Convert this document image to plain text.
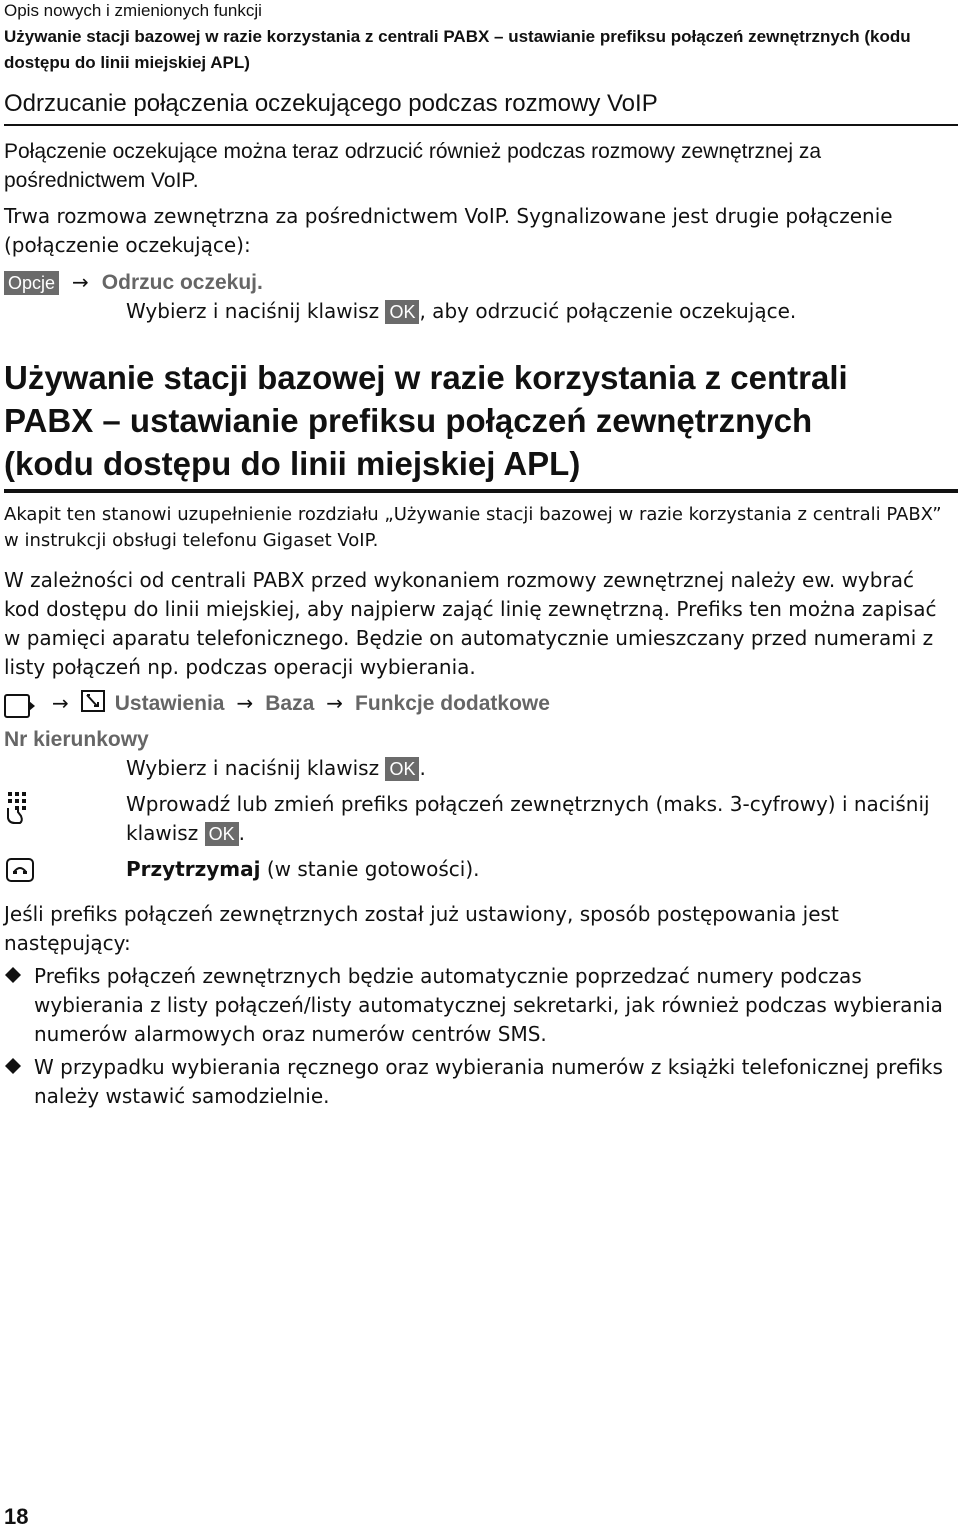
Opis nowych i zmienionych funkcji
Używanie stacji bazowej w razie korzystania z centrali PABX – ustawianie prefiksu połączeń zewnętrznych (kodu dostępu do linii miejskiej APL)
Odrzucanie połączenia oczekującego podczas rozmowy VoIP
Połączenie oczekujące można teraz odrzucić również podczas rozmowy zewnętrznej za pośrednictwem VoIP.
Trwa rozmowa zewnętrzna za pośrednictwem VoIP. Sygnalizowane jest drugie połączenie (połączenie oczekujące):
Opcje → Odrzuc oczekuj.
Wybierz i naciśnij klawisz OK , aby odrzucić połączenie oczekujące.
Używanie stacji bazowej w razie korzystania z centrali PABX – ustawianie prefiksu połączeń zewnętrznych (kodu dostępu do linii miejskiej APL)
Akapit ten stanowi uzupełnienie rozdziału „Używanie stacji bazowej w razie korzystania z centrali PABX” w instrukcji obsługi telefonu Gigaset VoIP.
W zależności od centrali PABX przed wykonaniem rozmowy zewnętrznej należy ew. wybrać kod dostępu do linii miejskiej, aby najpierw zająć linię zewnętrzną. Prefiks ten można zapisać w pamięci aparatu telefonicznego. Będzie on automatycznie umieszczany przed numerami z listy połączeń np. podczas operacji wybierania.
→ Ustawienia → Baza → Funkcje dodatkowe
Nr kierunkowy
Wybierz i naciśnij klawisz OK .
Wprowadź lub zmień prefiks połączeń zewnętrznych (maks. 3-cyfrowy) i naciśnij klawisz OK .
Przytrzymaj (w stanie gotowości).
Jeśli prefiks połączeń zewnętrznych został już ustawiony, sposób postępowania jest następujący:
Prefiks połączeń zewnętrznych będzie automatycznie poprzedzać numery podczas wybierania z listy połączeń/listy automatycznej sekretarki, jak również podczas wybierania numerów alarmowych oraz numerów centrów SMS.
W przypadku wybierania ręcznego oraz wybierania numerów z książki telefonicznej prefiks należy wstawić samodzielnie.
18
